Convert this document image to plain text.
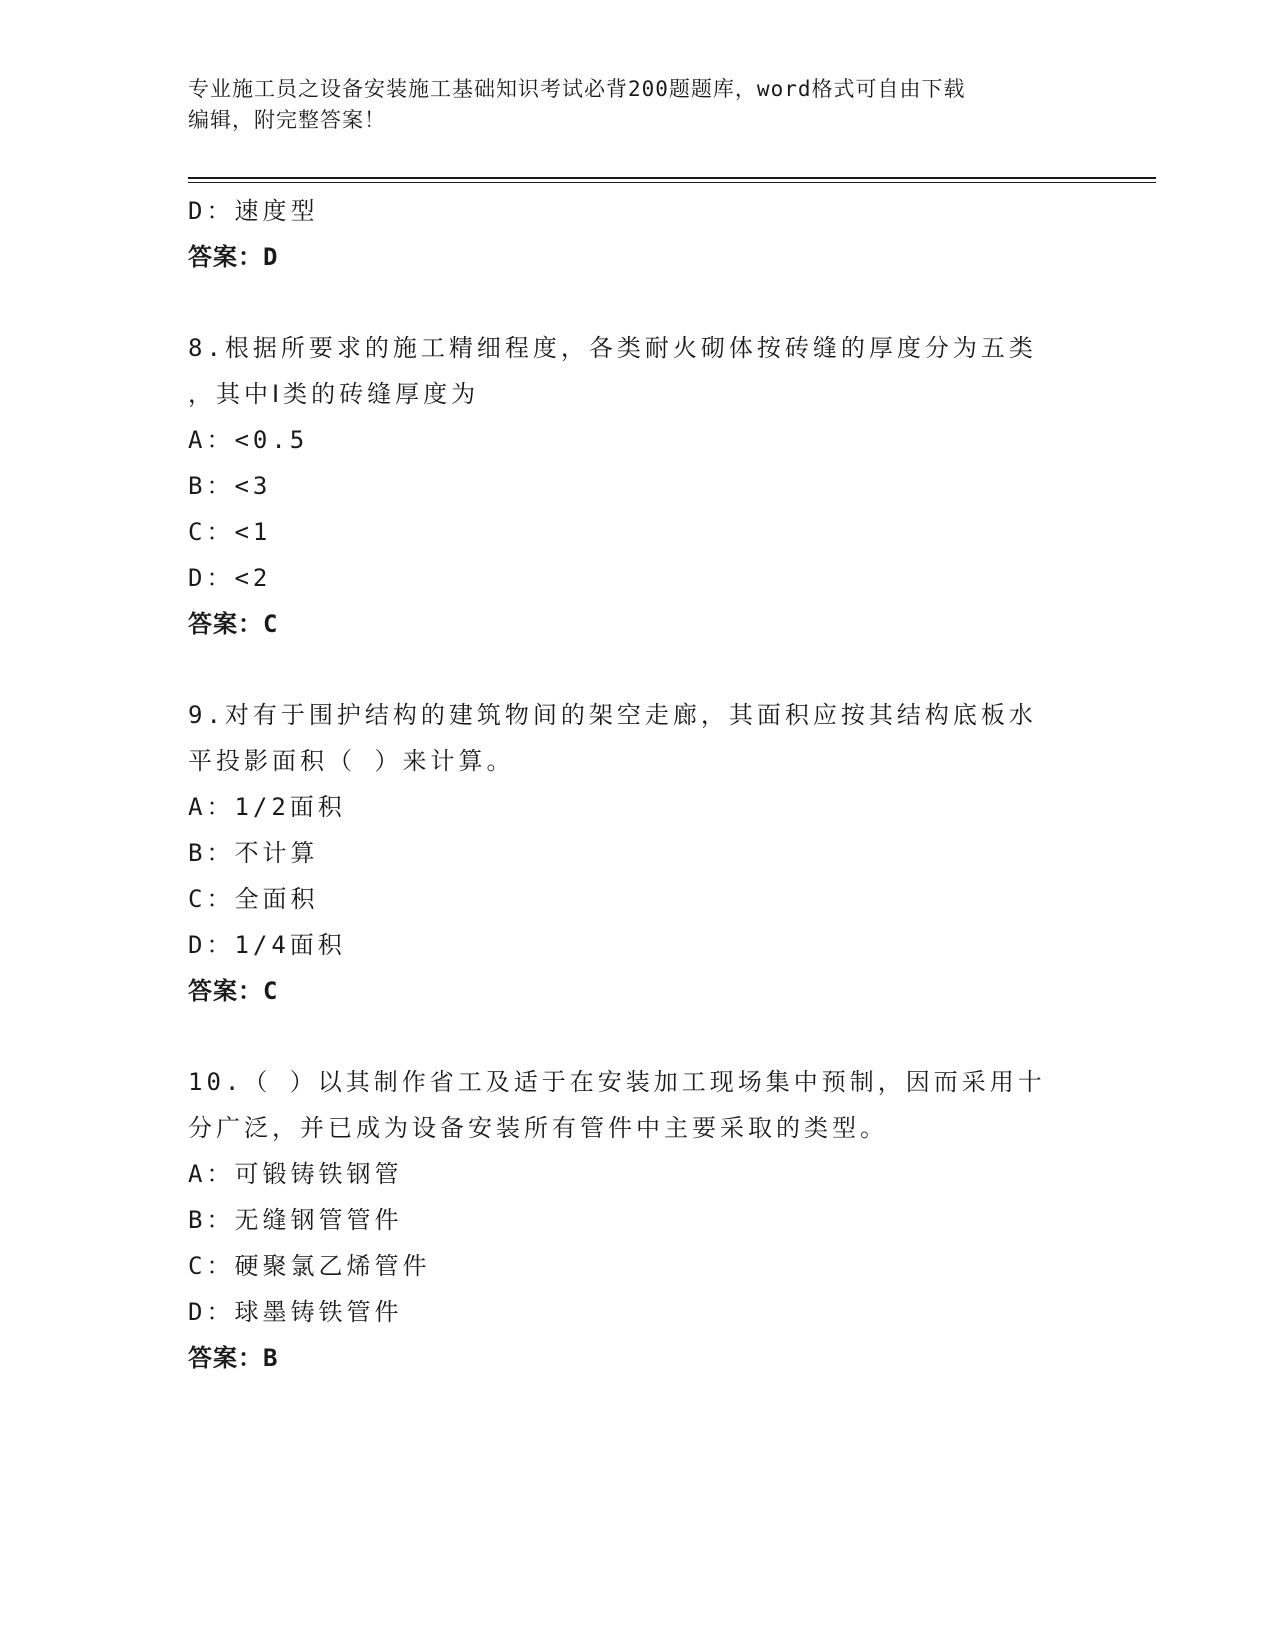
专业施工员之设备安装施工基础知识考试必背200题题库，word格式可自由下载
编辑，附完整答案！
D：速度型
答案：D
8.根据所要求的施工精细程度，各类耐火砌体按砖缝的厚度分为五类
，其中Ⅰ类的砖缝厚度为
A：<0.5
B：<3
C：<1
D：<2
答案：C
9.对有于围护结构的建筑物间的架空走廊，其面积应按其结构底板水
平投影面积（ ）来计算。
A：1/2面积
B：不计算
C：全面积
D：1/4面积
答案：C
10.（ ）以其制作省工及适于在安装加工现场集中预制，因而采用十
分广泛，并已成为设备安装所有管件中主要采取的类型。
A：可锻铸铁钢管
B：无缝钢管管件
C：硬聚氯乙烯管件
D：球墨铸铁管件
答案：B
